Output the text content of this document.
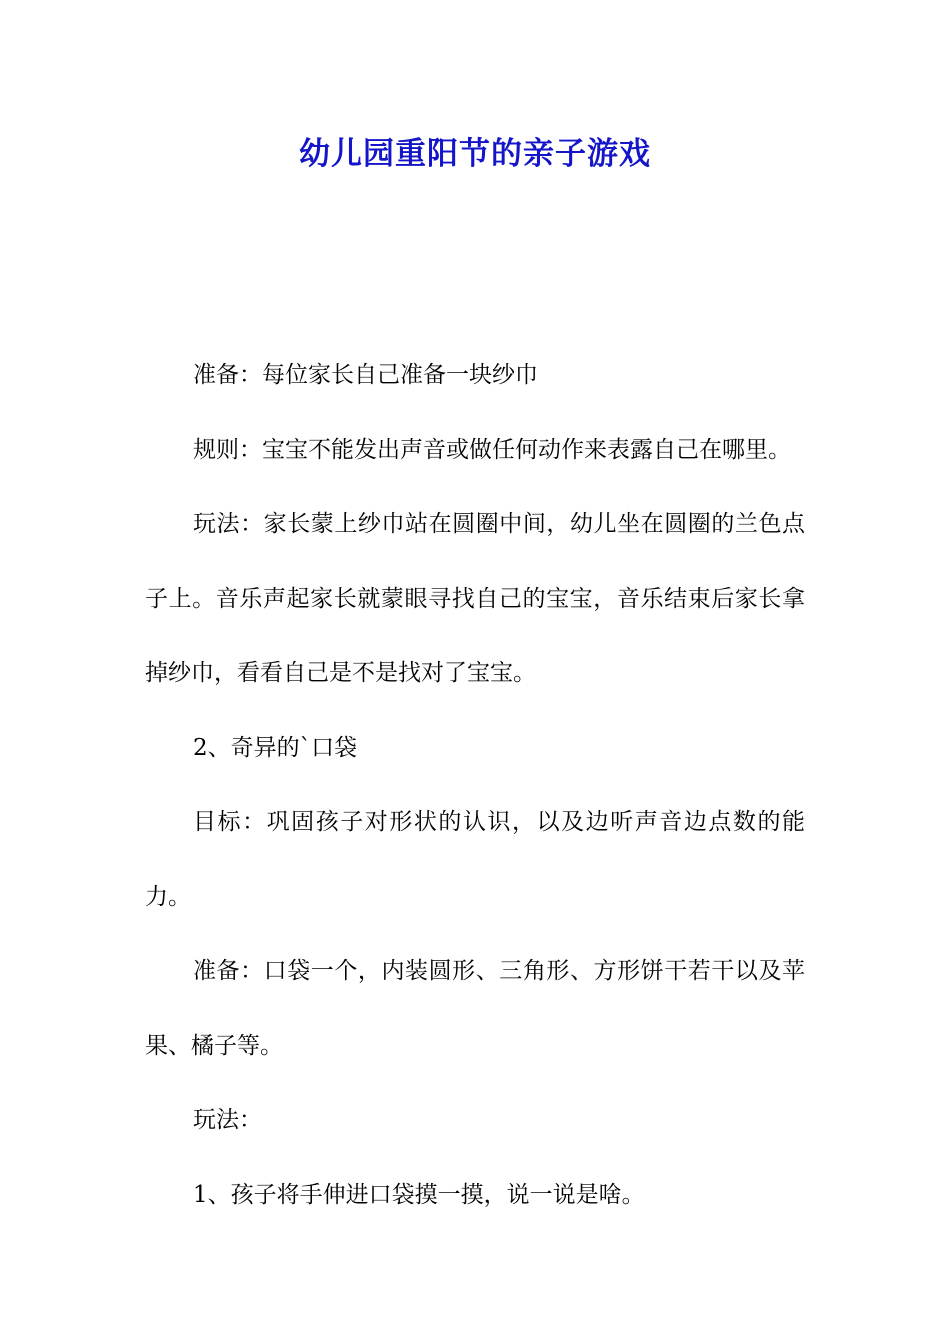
幼儿园重阳节的亲子游戏

准备：每位家长自己准备一块纱巾

规则：宝宝不能发出声音或做任何动作来表露自己在哪里。

玩法：家长蒙上纱巾站在圆圈中间，幼儿坐在圆圈的兰色点子上。音乐声起家长就蒙眼寻找自己的宝宝，音乐结束后家长拿掉纱巾，看看自己是不是找对了宝宝。

2、奇异的`口袋

目标：巩固孩子对形状的认识，以及边听声音边点数的能力。

准备：口袋一个，内装圆形、三角形、方形饼干若干以及苹果、橘子等。

玩法：

1、孩子将手伸进口袋摸一摸，说一说是啥。
